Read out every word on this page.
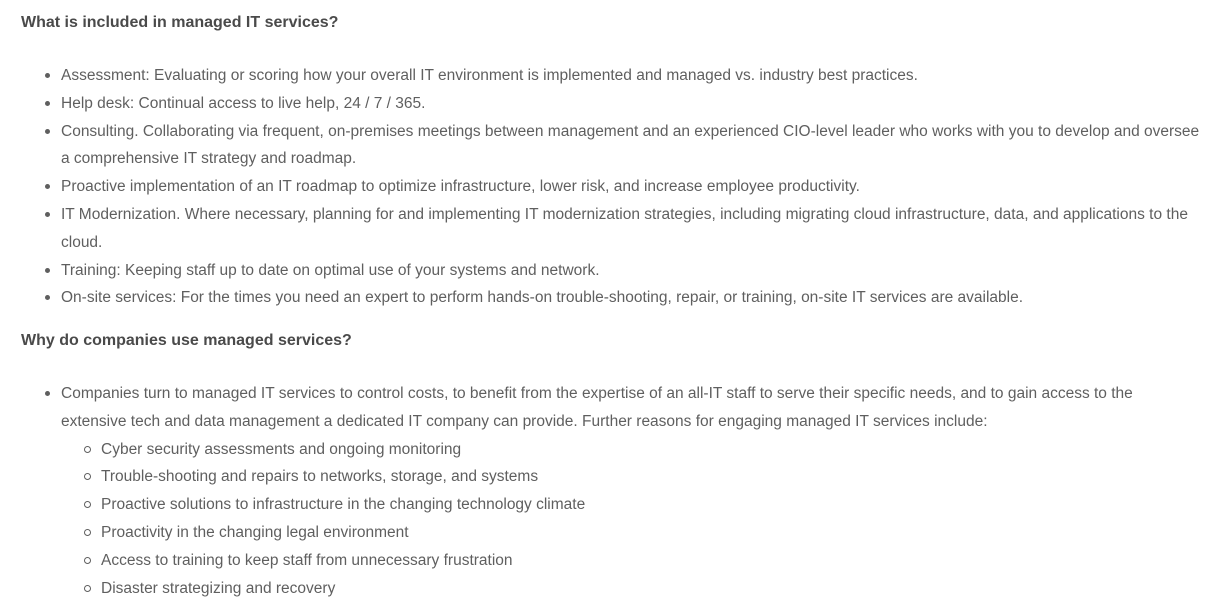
What is included in managed IT services?
Assessment: Evaluating or scoring how your overall IT environment is implemented and managed vs. industry best practices.
Help desk: Continual access to live help, 24 / 7 / 365.
Consulting. Collaborating via frequent, on-premises meetings between management and an experienced CIO-level leader who works with you to develop and oversee a comprehensive IT strategy and roadmap.
Proactive implementation of an IT roadmap to optimize infrastructure, lower risk, and increase employee productivity.
IT Modernization. Where necessary, planning for and implementing IT modernization strategies, including migrating cloud infrastructure, data, and applications to the cloud.
Training: Keeping staff up to date on optimal use of your systems and network.
On-site services: For the times you need an expert to perform hands-on trouble-shooting, repair, or training, on-site IT services are available.
Why do companies use managed services?
Companies turn to managed IT services to control costs, to benefit from the expertise of an all-IT staff to serve their specific needs, and to gain access to the extensive tech and data management a dedicated IT company can provide. Further reasons for engaging managed IT services include:
Cyber security assessments and ongoing monitoring
Trouble-shooting and repairs to networks, storage, and systems
Proactive solutions to infrastructure in the changing technology climate
Proactivity in the changing legal environment
Access to training to keep staff from unnecessary frustration
Disaster strategizing and recovery
